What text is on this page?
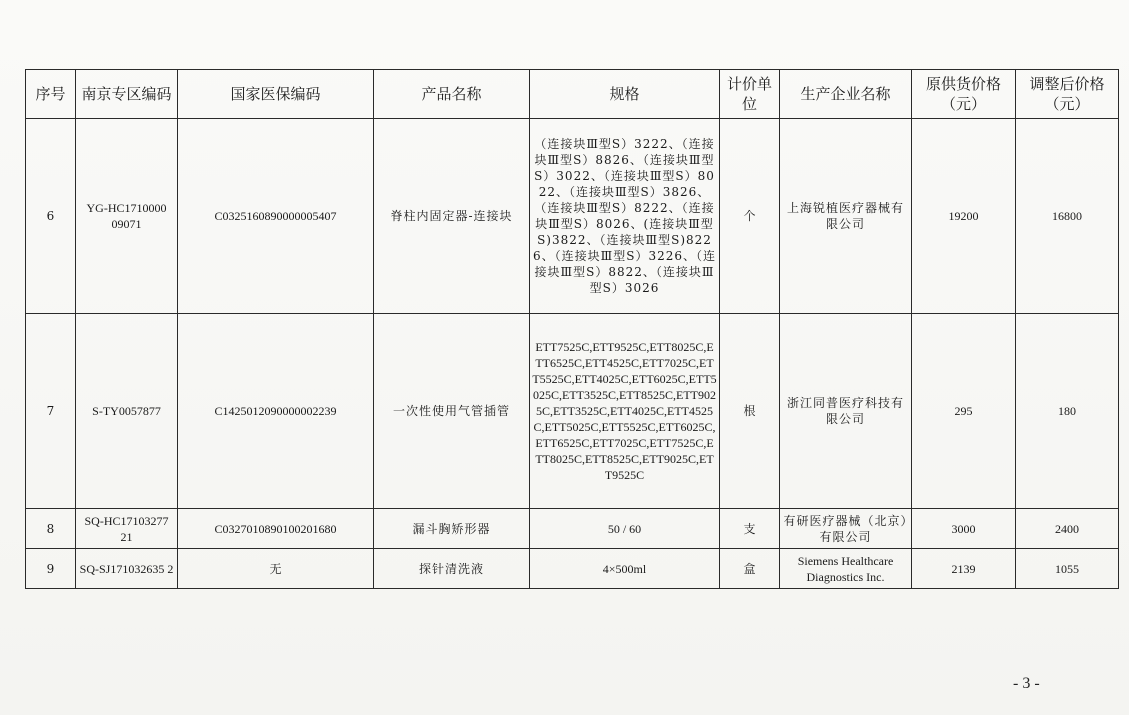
序号	南京专区编码	国家医保编码	产品名称	规格	计价单位	生产企业名称	原供货价格（元）	调整后价格（元）
6	YG-HC1710000 09071	C0325160890000005407	脊柱内固定器-连接块	（连接块Ⅲ型S）3222、（连接块Ⅲ型S）8826、（连接块Ⅲ型S）3022、（连接块Ⅲ型S）8022、（连接块Ⅲ型S）3826、（连接块Ⅲ型S）8222、（连接块Ⅲ型S）8026、(连接块Ⅲ型S)3822、（连接块Ⅲ型S)8226、（连接块Ⅲ型S）3226、（连接块Ⅲ型S）8822、（连接块Ⅲ型S）3026	个	上海锐植医疗器械有限公司	19200	16800
7	S-TY0057877	C1425012090000002239	一次性使用气管插管	ETT7525C,ETT9525C,ETT8025C,ETT6525C,ETT4525C,ETT7025C,ETT5525C,ETT4025C,ETT6025C,ETT5025C,ETT3525C,ETT8525C,ETT9025C,ETT3525C,ETT4025C,ETT4525C,ETT5025C,ETT5525C,ETT6025C,ETT6525C,ETT7025C,ETT7525C,ETT8025C,ETT8525C,ETT9025C,ETT9525C	根	浙江同普医疗科技有限公司	295	180
8	SQ-HC17103277 21	C0327010890100201680	漏斗胸矫形器	50 / 60	支	有研医疗器械（北京）有限公司	3000	2400
9	SQ-SJ171032635 2	无	探针清洗液	4×500ml	盒	Siemens Healthcare Diagnostics Inc.	2139	1055
- 3 -
